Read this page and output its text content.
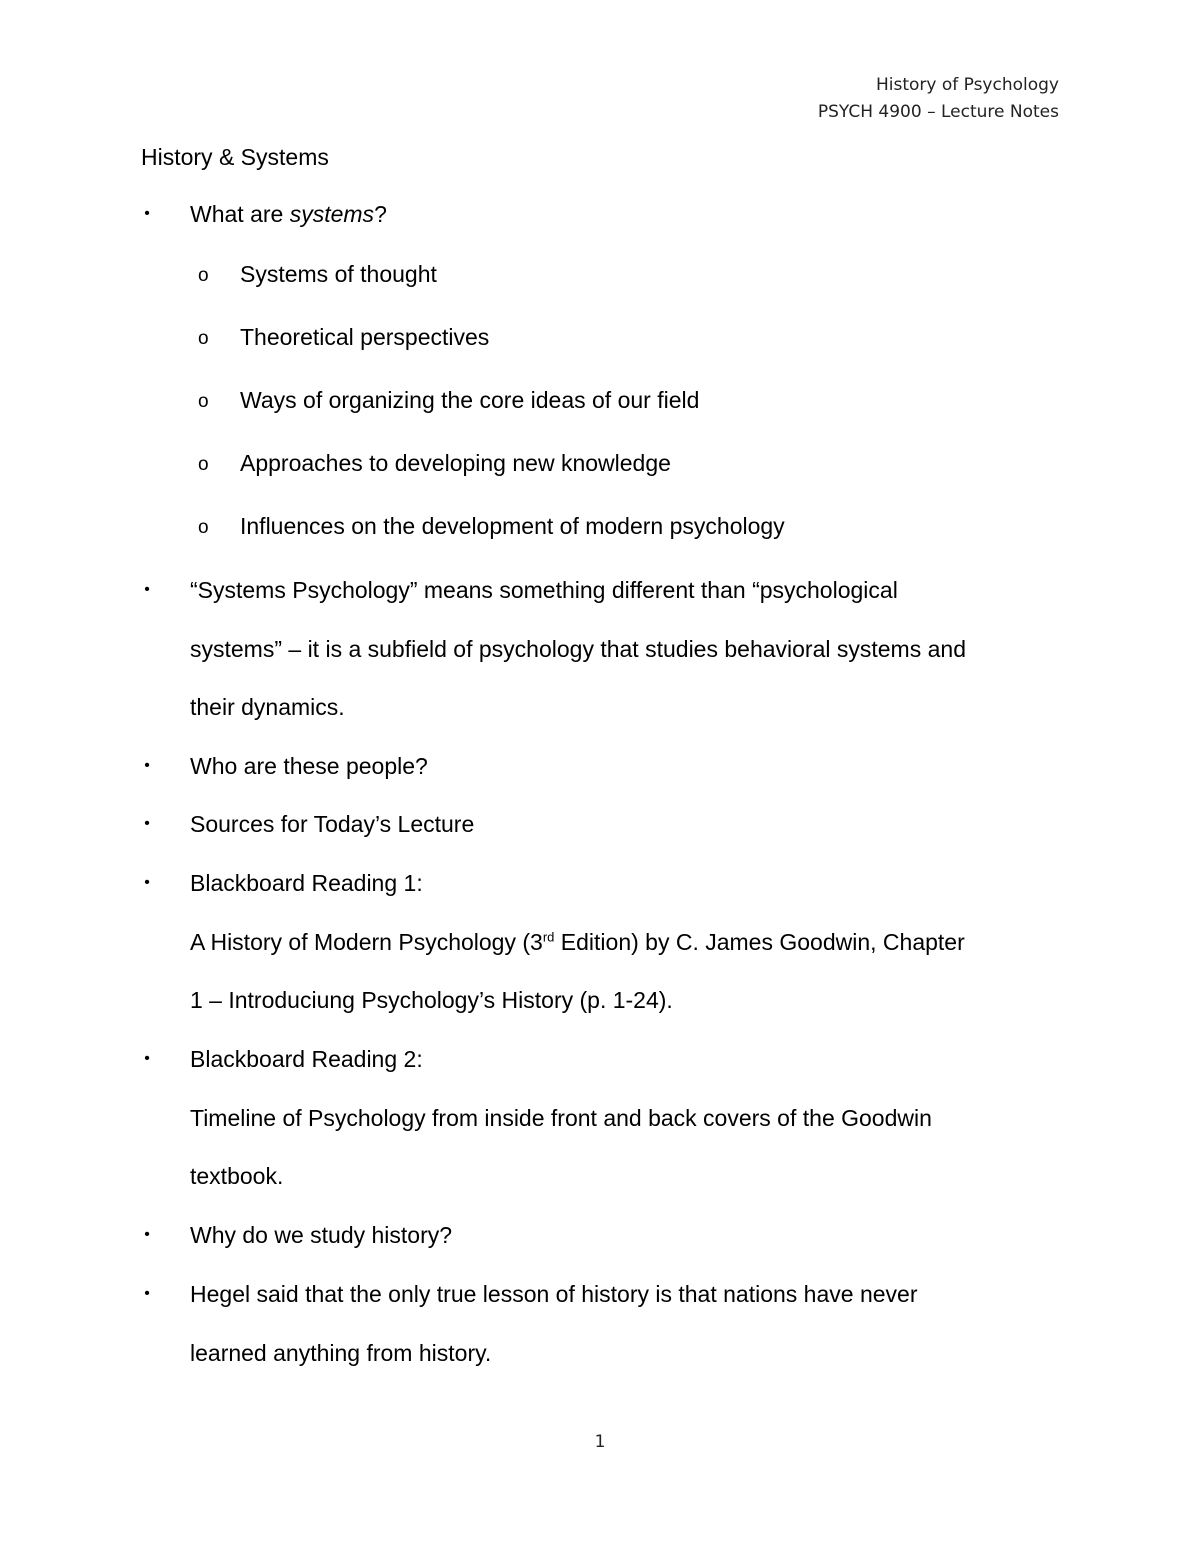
History of Psychology
PSYCH 4900 – Lecture Notes
History & Systems
• What are systems?
o Systems of thought
o Theoretical perspectives
o Ways of organizing the core ideas of our field
o Approaches to developing new knowledge
o Influences on the development of modern psychology
• “Systems Psychology” means something different than “psychological
systems” – it is a subfield of psychology that studies behavioral systems and
their dynamics.
• Who are these people?
• Sources for Today’s Lecture
• Blackboard Reading 1:
A History of Modern Psychology (3rd Edition) by C. James Goodwin, Chapter
1 – Introduciung Psychology’s History (p. 1-24).
• Blackboard Reading 2:
Timeline of Psychology from inside front and back covers of the Goodwin
textbook.
• Why do we study history?
• Hegel said that the only true lesson of history is that nations have never
learned anything from history.
1
